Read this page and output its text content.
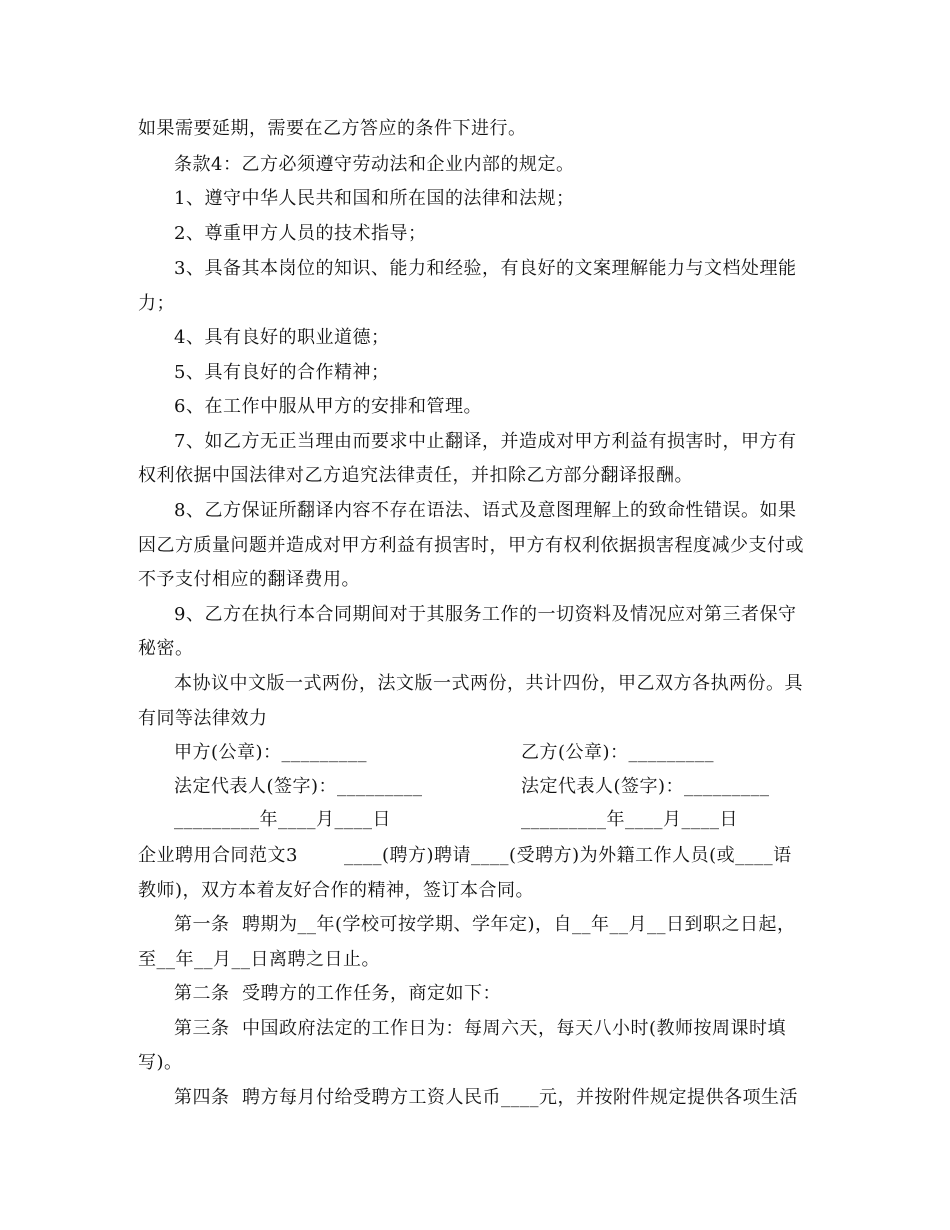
如果需要延期，需要在乙方答应的条件下进行。
条款4：乙方必须遵守劳动法和企业内部的规定。
1、遵守中华人民共和国和所在国的法律和法规；
2、尊重甲方人员的技术指导；
3、具备其本岗位的知识、能力和经验，有良好的文案理解能力与文档处理能
力；
4、具有良好的职业道德；
5、具有良好的合作精神；
6、在工作中服从甲方的安排和管理。
7、如乙方无正当理由而要求中止翻译，并造成对甲方利益有损害时，甲方有
权利依据中国法律对乙方追究法律责任，并扣除乙方部分翻译报酬。
8、乙方保证所翻译内容不存在语法、语式及意图理解上的致命性错误。如果
因乙方质量问题并造成对甲方利益有损害时，甲方有权利依据损害程度减少支付或
不予支付相应的翻译费用。
9、乙方在执行本合同期间对于其服务工作的一切资料及情况应对第三者保守
秘密。
本协议中文版一式两份，法文版一式两份，共计四份，甲乙双方各执两份。具
有同等法律效力
甲方(公章)：_________	乙方(公章)：_________
法定代表人(签字)：_________	法定代表人(签字)：_________
_________年____月____日	_________年____月____日
企业聘用合同范文3	____(聘方)聘请____(受聘方)为外籍工作人员(或____语
教师)，双方本着友好合作的精神，签订本合同。
第一条  聘期为__年(学校可按学期、学年定)，自__年__月__日到职之日起，
至__年__月__日离聘之日止。
第二条  受聘方的工作任务，商定如下：
第三条  中国政府法定的工作日为：每周六天，每天八小时(教师按周课时填
写)。
第四条  聘方每月付给受聘方工资人民币____元，并按附件规定提供各项生活
